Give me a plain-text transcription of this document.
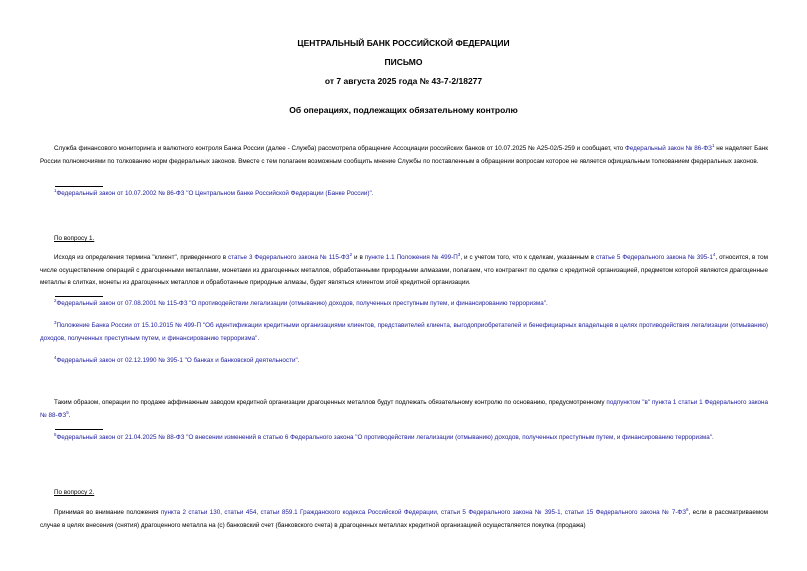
ЦЕНТРАЛЬНЫЙ БАНК РОССИЙСКОЙ ФЕДЕРАЦИИ
ПИСЬМО
от 7 августа 2025 года № 43-7-2/18277
Об операциях, подлежащих обязательному контролю
Служба финансового мониторинга и валютного контроля Банка России (далее - Служба) рассмотрела обращение Ассоциации российских банков от 10.07.2025 № А25-02/5-259 и сообщает, что Федеральный закон № $86-ФЗ^1$ не наделяет Банк России полномочиями по толкованию норм федеральных законов. Вместе с тем полагаем возможным сообщить мнение Службы по поставленным в обращении вопросам которое не является официальным толкованием федеральных законов.
$^1$Федеральный закон от 10.07.2002 № 86-ФЗ "О Центральном банке Российской Федерации (Банке России)".
По вопросу 1.
Исходя из определения термина "клиент", приведенного в статье 3 Федерального закона № $115-ФЗ^2$ и в пункте 1.1 Положения № $499-П^3$, и с учетом того, что к сделкам, указанным в статье 5 Федерального закона № $395-1^4$, относится, в том числе осуществление операций с драгоценными металлами, монетами из драгоценных металлов, обработанными природными алмазами, полагаем, что контрагент по сделке с кредитной организацией, предметом которой являются драгоценные металлы в слитках, монеты из драгоценных металлов и обработанные природные алмазы, будет являться клиентом этой кредитной организации.
$^2$Федеральный закон от 07.08.2001 № 115-ФЗ "О противодействии легализации (отмыванию) доходов, полученных преступным путем, и финансированию терроризма".
$^3$Положение Банка России от 15.10.2015 № 499-П "Об идентификации кредитными организациями клиентов, представителей клиента, выгодоприобретателей и бенефициарных владельцев в целях противодействия легализации (отмыванию) доходов, полученных преступным путем, и финансированию терроризма".
$^4$Федеральный закон от 02.12.1990 № 395-1 "О банках и банковской деятельности".
Таким образом, операции по продаже аффинажным заводом кредитной организации драгоценных металлов будут подлежать обязательному контролю по основанию, предусмотренному подпунктом "в" пункта 1 статьи 1 Федерального закона № $88-ФЗ^5$.
$^5$Федеральный закон от 21.04.2025 № 88-ФЗ "О внесении изменений в статью 6 Федерального закона "О противодействии легализации (отмыванию) доходов, полученных преступным путем, и финансированию терроризма".
По вопросу 2.
Принимая во внимание положения пункта 2 статьи 130, статьи 454, статьи 859.1 Гражданского кодекса Российской Федерации, статьи 5 Федерального закона № 395-1, статьи 15 Федерального закона № $7-ФЗ^6$, если в рассматриваемом случае в целях внесения (снятия) драгоценного металла на (с) банковский счет (банковского счета) в драгоценных металлах кредитной организацией осуществляется покупка (продажа)
